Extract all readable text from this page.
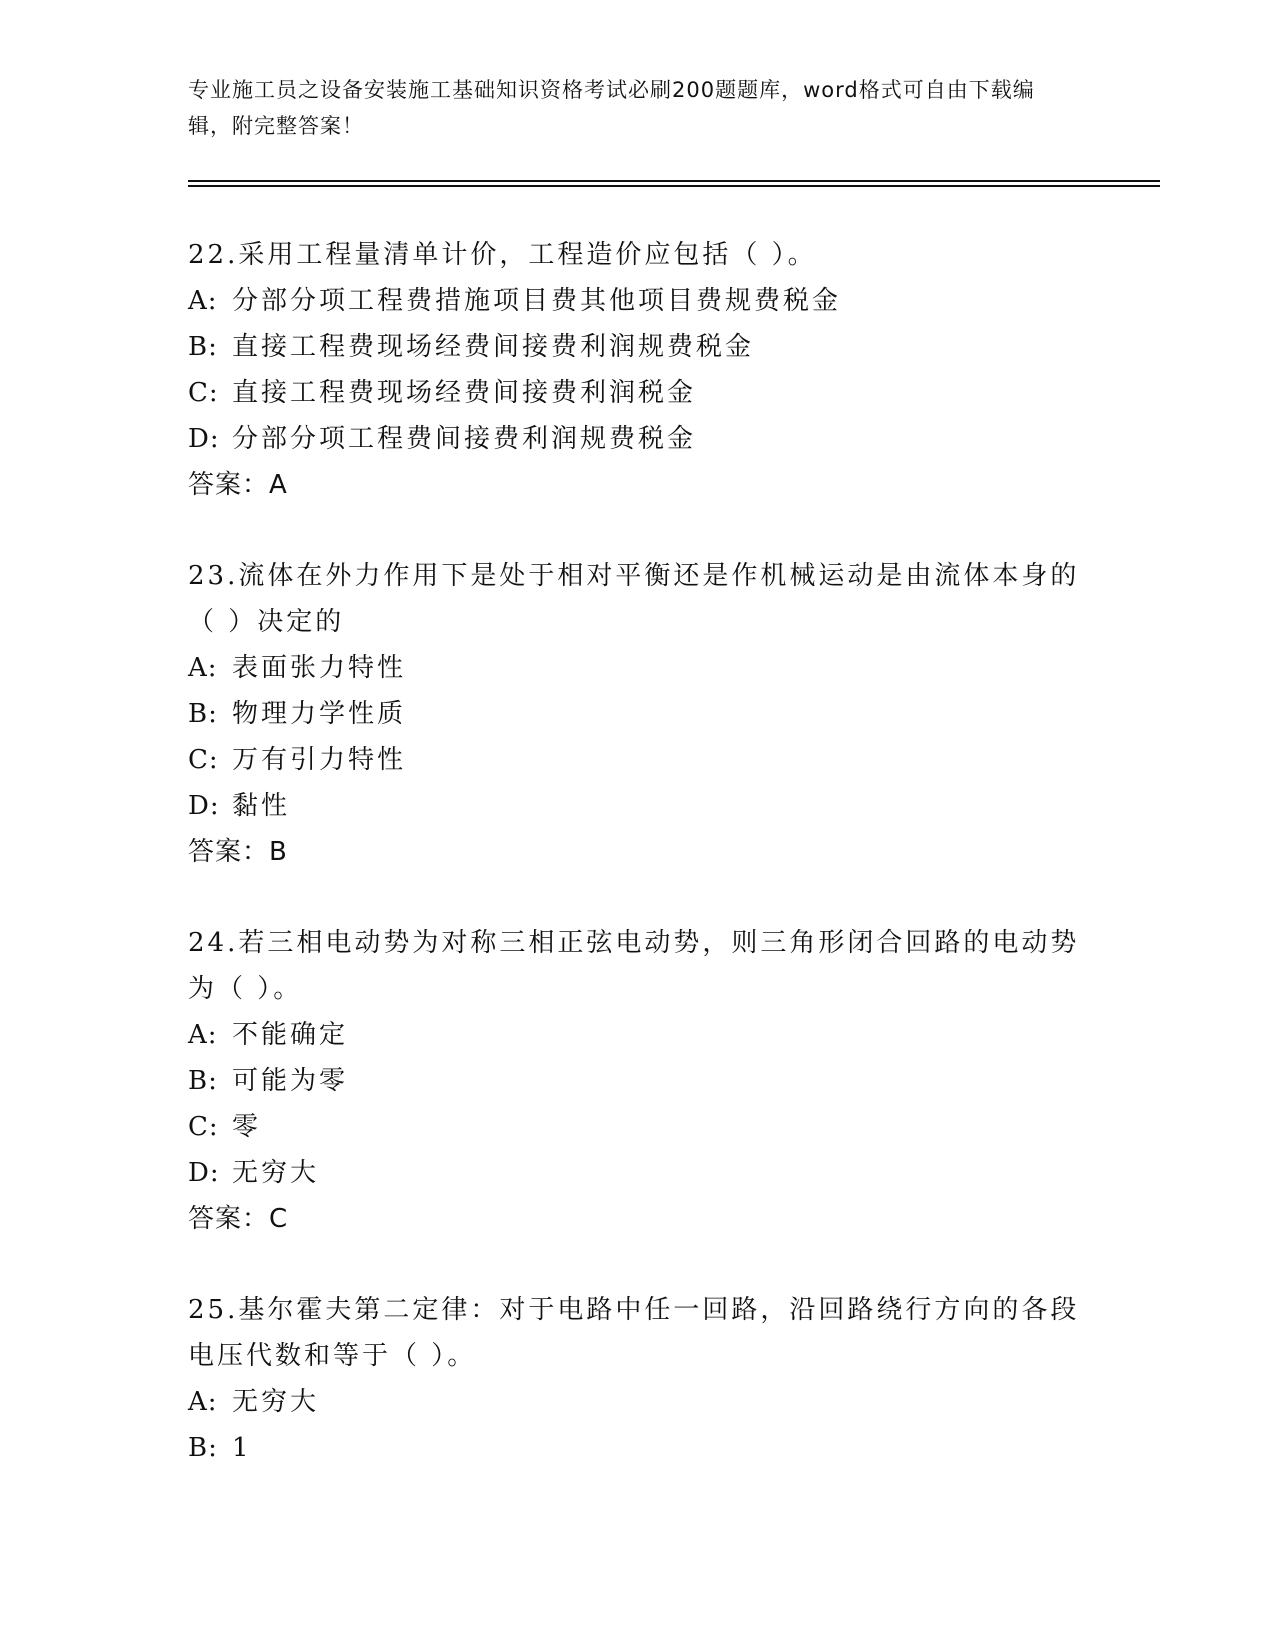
专业施工员之设备安装施工基础知识资格考试必刷200题题库，word格式可自由下载编辑，附完整答案！
22.采用工程量清单计价，工程造价应包括（ ）。
A: 分部分项工程费措施项目费其他项目费规费税金
B: 直接工程费现场经费间接费利润规费税金
C: 直接工程费现场经费间接费利润税金
D: 分部分项工程费间接费利润规费税金
答案：A
23.流体在外力作用下是处于相对平衡还是作机械运动是由流体本身的（ ）决定的
A: 表面张力特性
B: 物理力学性质
C: 万有引力特性
D: 黏性
答案：B
24.若三相电动势为对称三相正弦电动势，则三角形闭合回路的电动势为（ ）。
A: 不能确定
B: 可能为零
C: 零
D: 无穷大
答案：C
25.基尔霍夫第二定律：对于电路中任一回路，沿回路绕行方向的各段电压代数和等于（ ）。
A: 无穷大
B: 1
